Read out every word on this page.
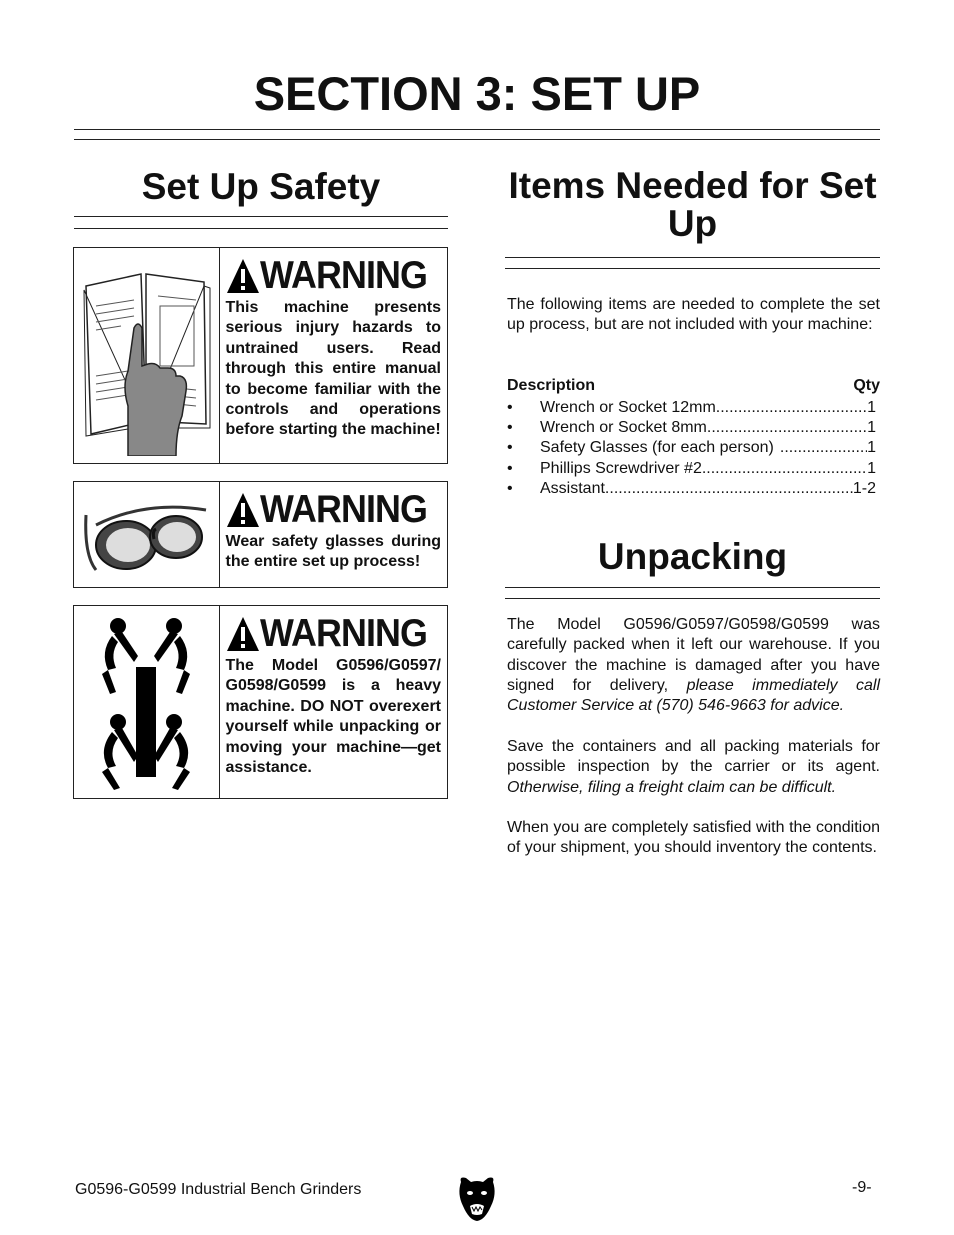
SECTION 3: SET UP
Set Up Safety
WARNING
This machine presents serious injury hazards to untrained users. Read through this entire manual to become familiar with the controls and operations before starting the machine!
WARNING
Wear safety glasses during the entire set up process!
WARNING
The Model G0596/G0597/ G0598/G0599 is a heavy machine. DO NOT overexert yourself while unpacking or moving your machine—get assistance.
Items Needed for Set Up
The following items are needed to complete the set up process, but are not included with your machine:
Description	Qty
• Wrench or Socket 12mm .....	1
• Wrench or Socket 8mm .....	1
• Safety Glasses (for each person) .....	1
• Phillips Screwdriver #2 .....	1
• Assistant .....	1-2
Unpacking
The Model G0596/G0597/G0598/G0599 was carefully packed when it left our warehouse. If you discover the machine is damaged after you have signed for delivery, please immediately call Customer Service at (570) 546-9663 for advice.
Save the containers and all packing materials for possible inspection by the carrier or its agent. Otherwise, filing a freight claim can be difficult.
When you are completely satisfied with the condition of your shipment, you should inventory the contents.
G0596-G0599 Industrial Bench Grinders	-9-
